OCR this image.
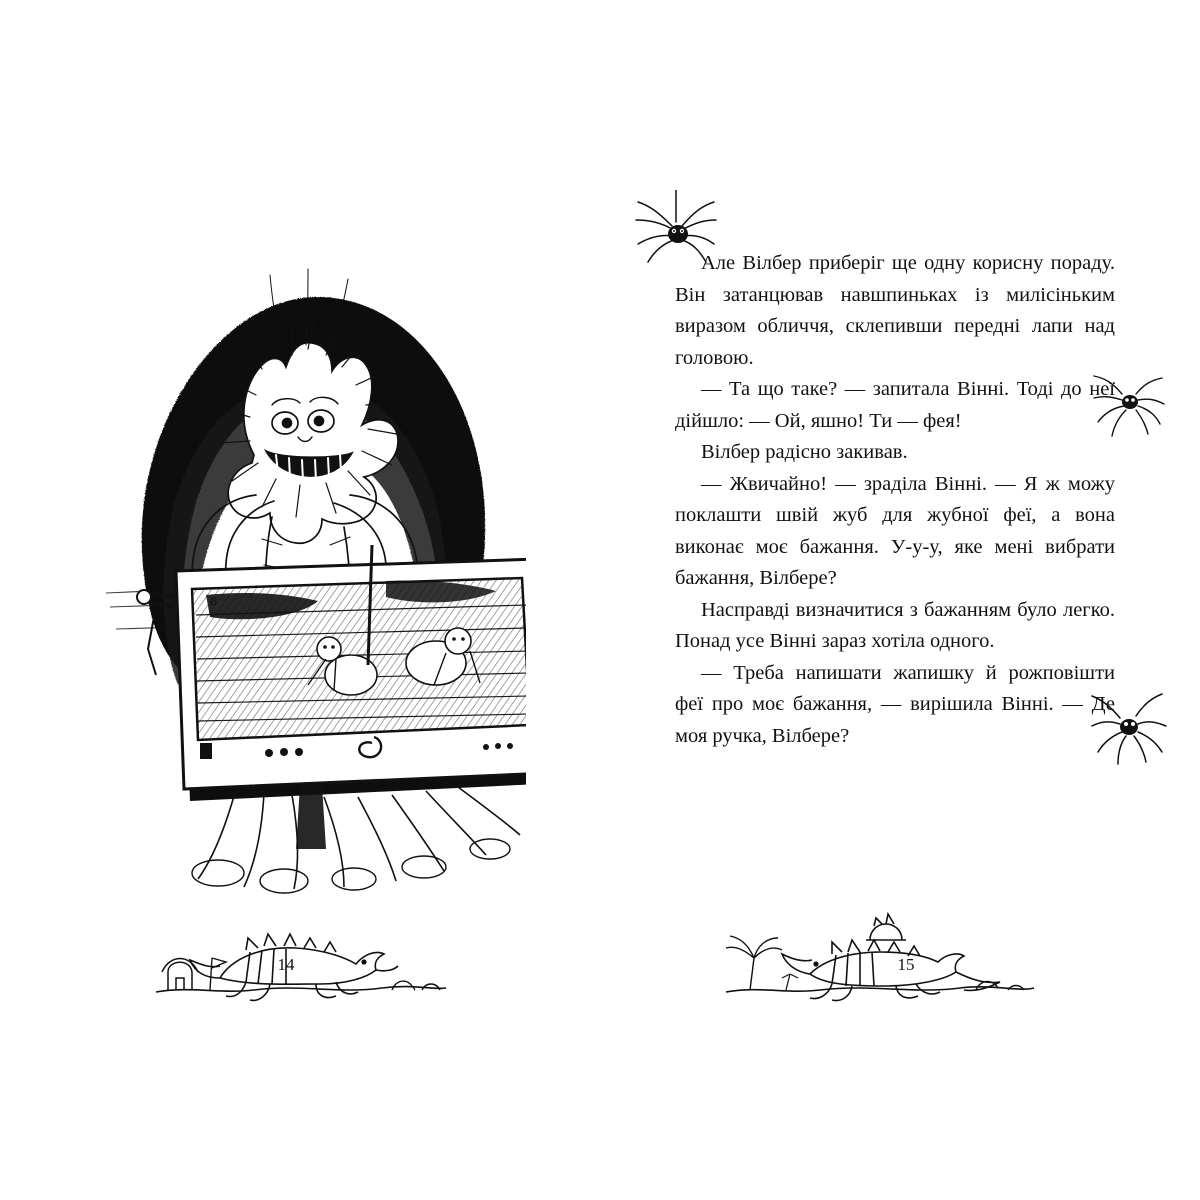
B
14

Але Вілбер приберіг ще одну корисну пораду. Він затанцював навшпиньках із милісіньким виразом обличчя, склепивши передні лапи над головою.

— Та що таке? — запитала Вінні. Тоді до неї дійшло: — Ой, яшно! Ти — фея!

Вілбер радісно закивав.

— Жвичайно! — зраділа Вінні. — Я ж можу поклашти швій жуб для жубної феї, а вона виконає моє бажання. У-у-у, яке мені вибрати бажання, Вілбере?

Насправді визначитися з бажанням було легко. Понад усе Вінні зараз хотіла одного.

— Треба напишати жапишку й рожповішти феї про моє бажання, — вирішила Вінні. — Де моя ручка, Вілбере?

15
